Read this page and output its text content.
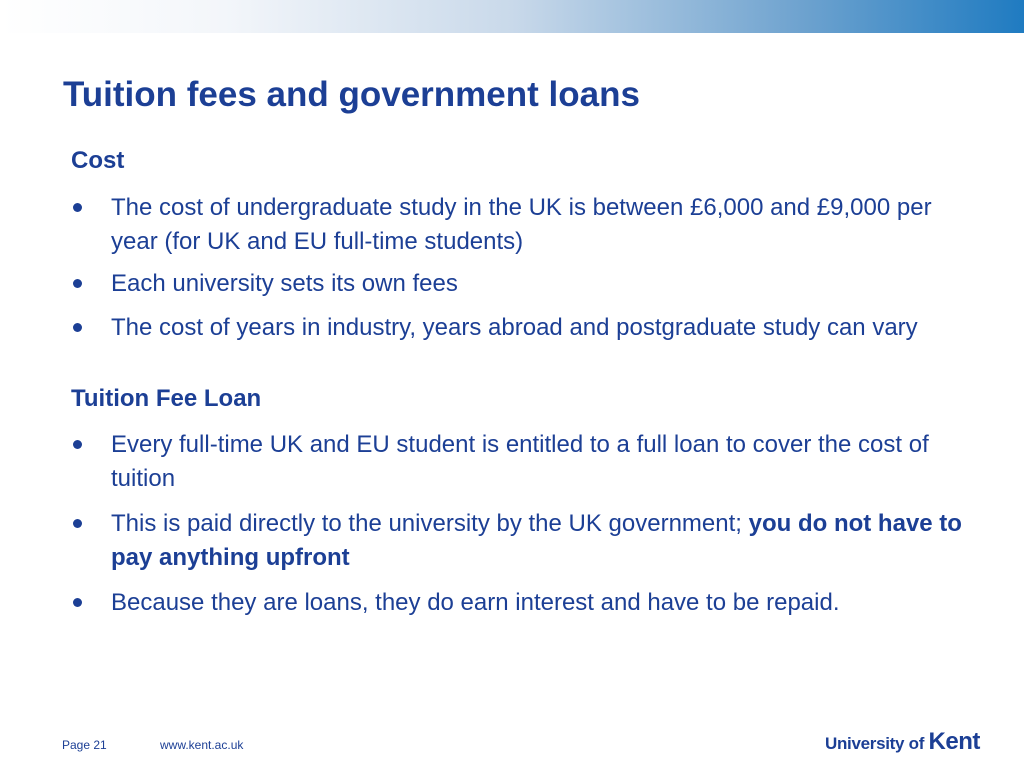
Tuition fees and government loans

Cost

The cost of undergraduate study in the UK is between £6,000 and £9,000 per year (for UK and EU full-time students)
Each university sets its own fees
The cost of years in industry, years abroad and postgraduate study can vary

Tuition Fee Loan

Every full-time UK and EU student is entitled to a full loan to cover the cost of tuition
This is paid directly to the university by the UK government; you do not have to pay anything upfront
Because they are loans, they do earn interest and have to be repaid.
Page 21	www.kent.ac.uk	University of Kent
